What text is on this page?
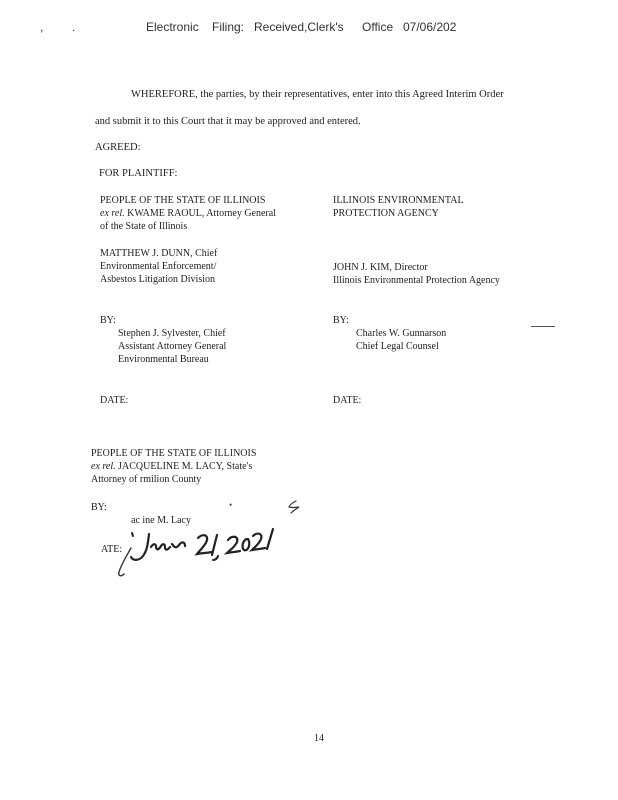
, .	Electronic Filing: Received,Clerk's Office 07/06/202
WHEREFORE, the parties, by their representatives, enter into this Agreed Interim Order
and submit it to this Court that it may be approved and entered.
AGREED:
FOR PLAINTIFF:
PEOPLE OF THE STATE OF ILLINOIS
ex rel. KWAME RAOUL, Attorney General
of the State of Illinois
MATTHEW J. DUNN, Chief
Environmental Enforcement/
Asbestos Litigation Division
BY:
Stephen J. Sylvester, Chief
Assistant Attorney General
Environmental Bureau
DATE:
ILLINOIS ENVIRONMENTAL
PROTECTION AGENCY
JOHN J. KIM, Director
Illinois Environmental Protection Agency
BY:
Charles W. Gunnarson
Chief Legal Counsel
DATE:
PEOPLE OF THE STATE OF ILLINOIS
ex rel. JACQUELINE M. LACY, State's
Attorney of rmilion County
BY:	•
ac ine M. Lacy
ATE:
14
